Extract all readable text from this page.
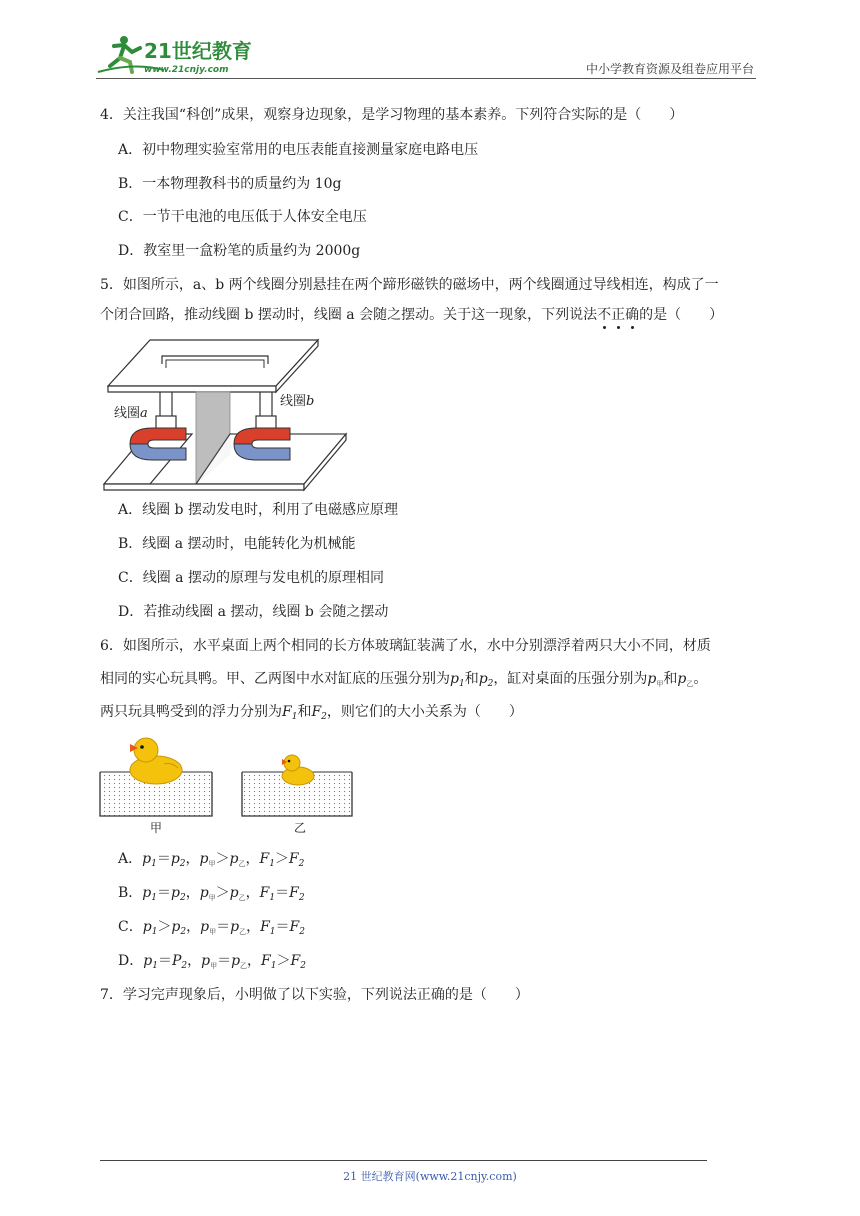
21世纪教育
www.21cnjy.com	中小学教育资源及组卷应用平台
4．关注我国“科创”成果，观察身边现象，是学习物理的基本素养。下列符合实际的是（　　）
A．初中物理实验室常用的电压表能直接测量家庭电路电压
B．一本物理教科书的质量约为 10g
C．一节干电池的电压低于人体安全电压
D．教室里一盒粉笔的质量约为 2000g
5．如图所示，a、b 两个线圈分别悬挂在两个蹄形磁铁的磁场中，两个线圈通过导线相连，构成了一
个闭合回路，推动线圈 b 摆动时，线圈 a 会随之摆动。关于这一现象，下列说法不正确的是（　　）
线圈a
线圈b
A．线圈 b 摆动发电时，利用了电磁感应原理
B．线圈 a 摆动时，电能转化为机械能
C．线圈 a 摆动的原理与发电机的原理相同
D．若推动线圈 a 摆动，线圈 b 会随之摆动
6．如图所示，水平桌面上两个相同的长方体玻璃缸装满了水，水中分别漂浮着两只大小不同，材质
相同的实心玩具鸭。甲、乙两图中水对缸底的压强分别为$p_1$和$p_2$，缸对桌面的压强分别为$p_甲$和$p_乙$。
两只玩具鸭受到的浮力分别为$F_1$和$F_2$，则它们的大小关系为（　　）
甲	乙
A．$p_1=p_2$，$p_甲>p_乙$，$F_1>F_2$
B．$p_1=p_2$，$p_甲>p_乙$，$F_1=F_2$
C．$p_1>p_2$，$p_甲=p_乙$，$F_1=F_2$
D．$p_1=P_2$，$p_甲=p_乙$，$F_1>F_2$
7．学习完声现象后，小明做了以下实验，下列说法正确的是（　　）
21 世纪教育网(www.21cnjy.com)
